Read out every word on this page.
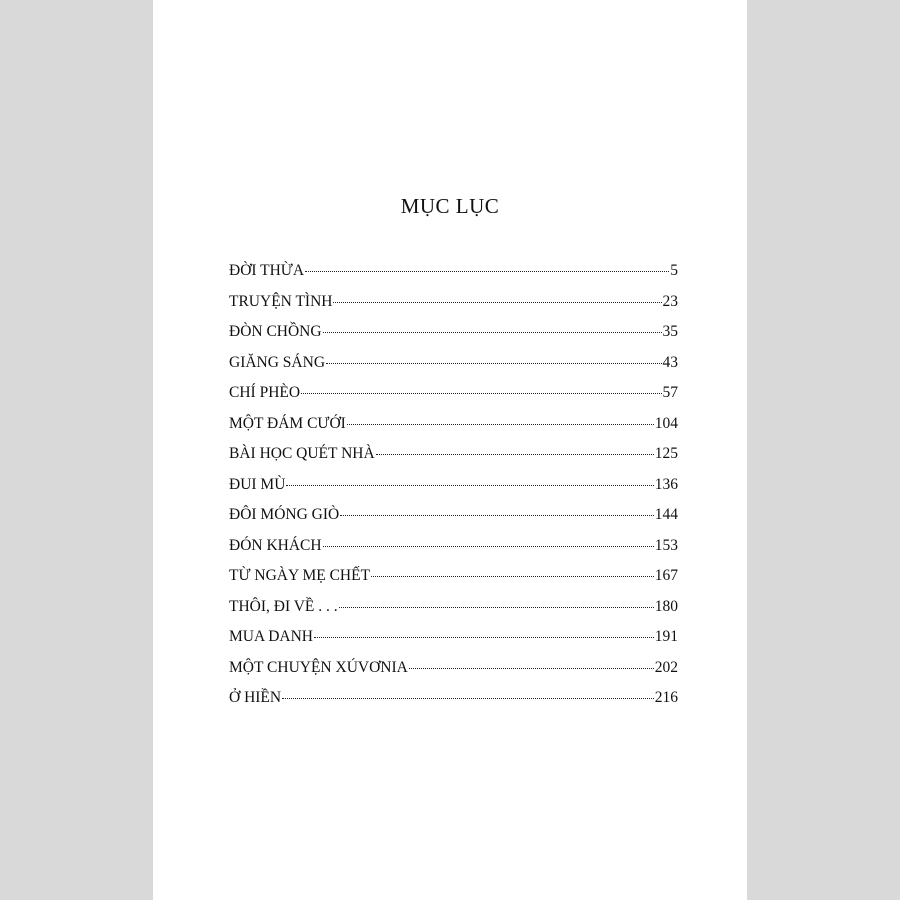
MỤC LỤC
ĐỜI THỪA	5
TRUYỆN TÌNH	23
ĐÒN CHỒNG	35
GIĂNG SÁNG	43
CHÍ PHÈO	57
MỘT ĐÁM CƯỚI	104
BÀI HỌC QUÉT NHÀ	125
ĐUI MÙ	136
ĐÔI MÓNG GIÒ	144
ĐÓN KHÁCH	153
TỪ NGÀY MẸ CHẾT	167
THÔI, ĐI VỀ . . .	180
MUA DANH	191
MỘT CHUYỆN XÚVƠNIA	202
Ở HIỀN	216
